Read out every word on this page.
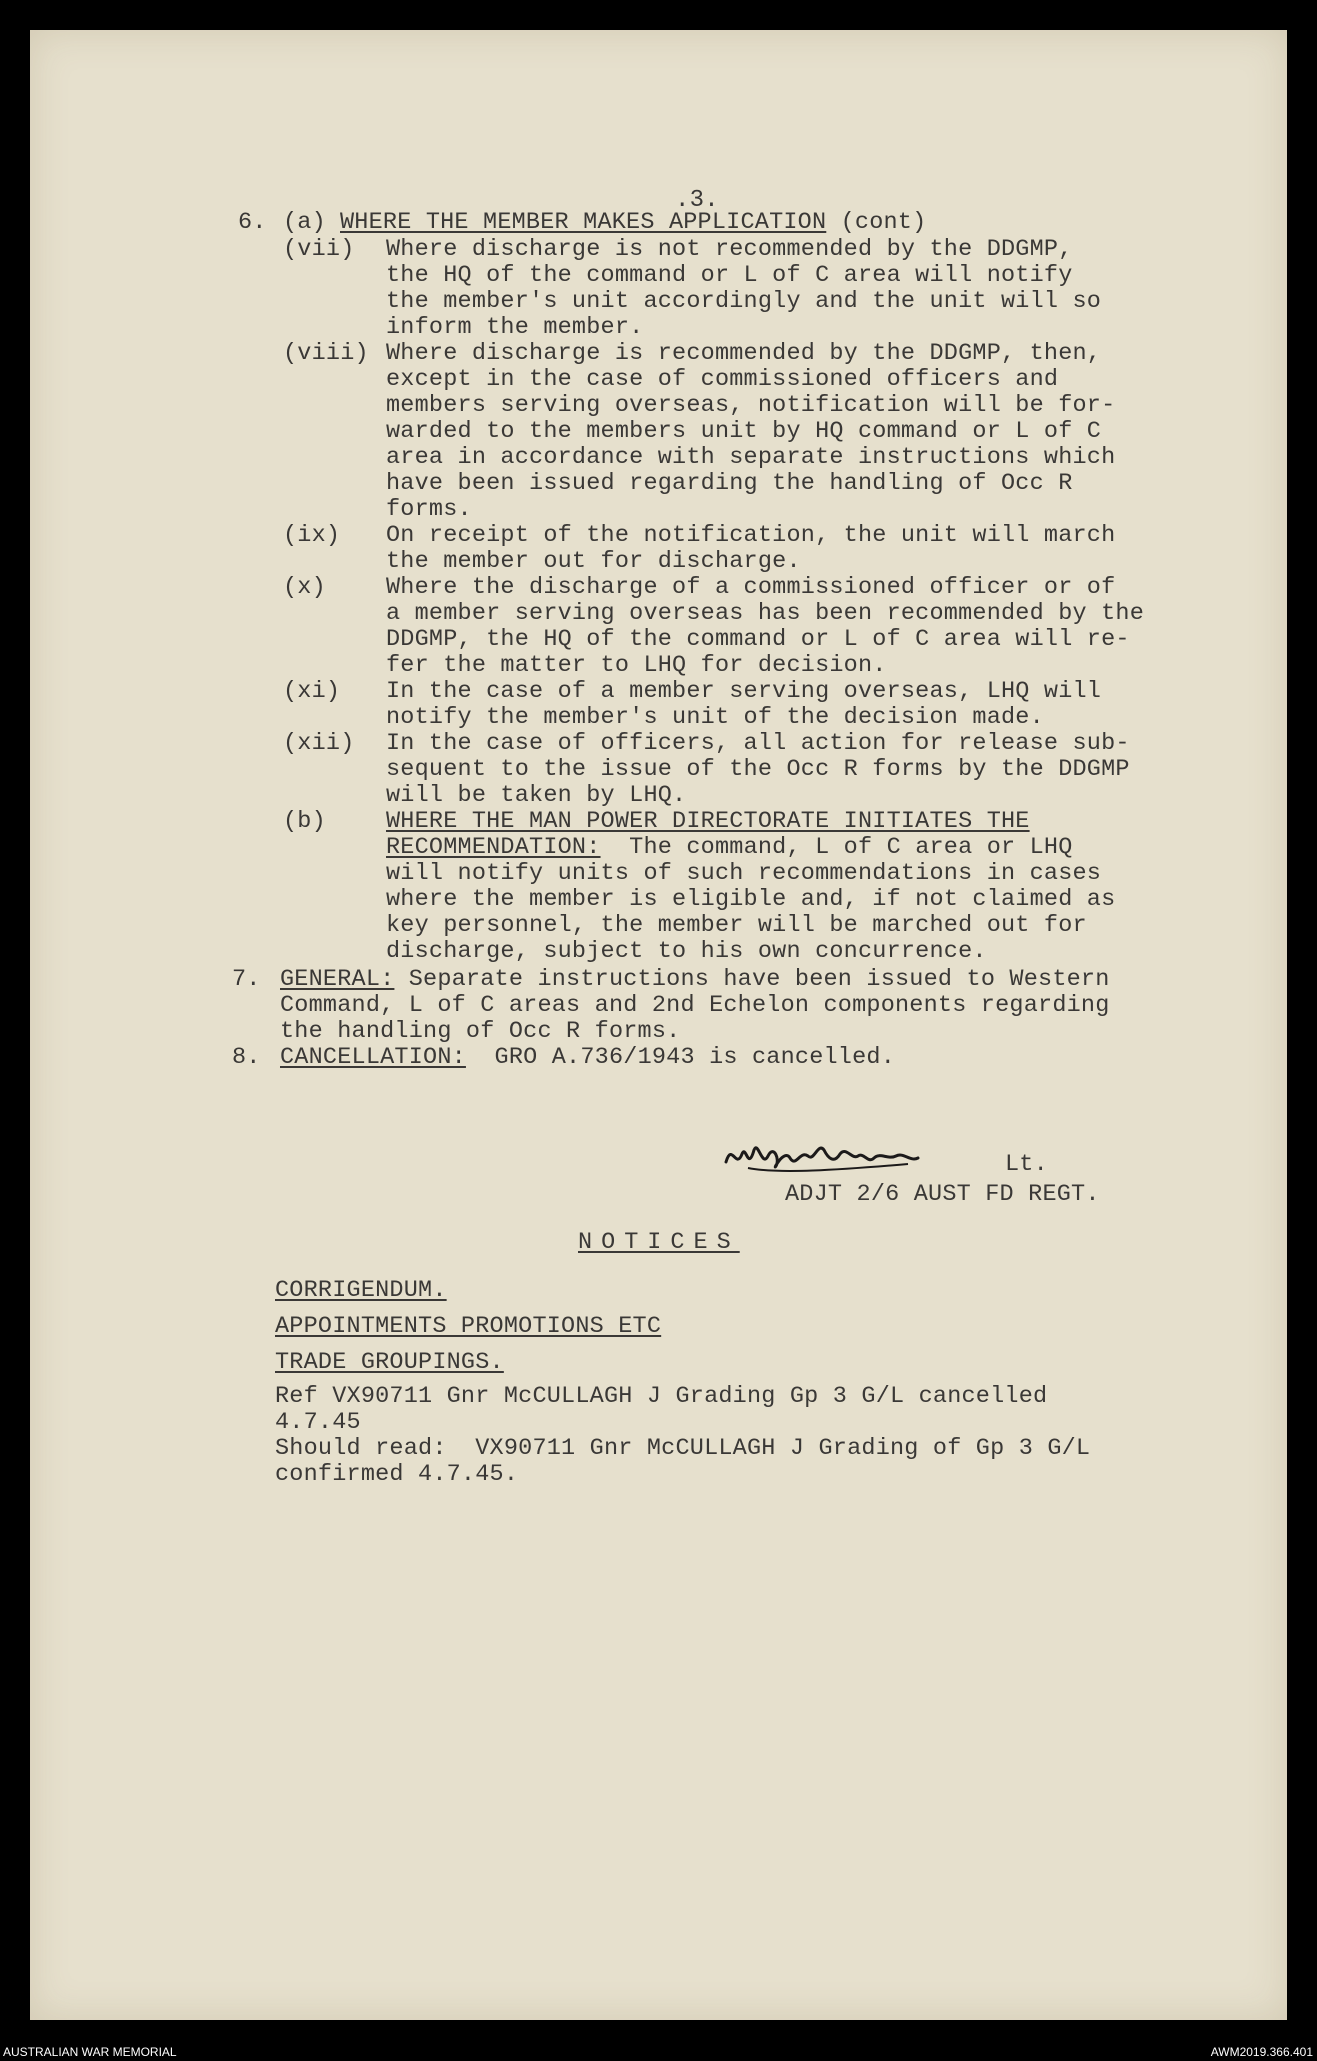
.3.
6. (a) WHERE THE MEMBER MAKES APPLICATION (cont)
(vii) Where discharge is not recommended by the DDGMP,
the HQ of the command or L of C area will notify
the member's unit accordingly and the unit will so
inform the member.
(viii) Where discharge is recommended by the DDGMP, then,
except in the case of commissioned officers and
members serving overseas, notification will be for-
warded to the members unit by HQ command or L of C
area in accordance with separate instructions which
have been issued regarding the handling of Occ R
forms.
(ix) On receipt of the notification, the unit will march
the member out for discharge.
(x)	Where the discharge of a commissioned officer or of
a member serving overseas has been recommended by the
DDGMP, the HQ of the command or L of C area will re-
fer the matter to LHQ for decision.
(xi) In the case of a member serving overseas, LHQ will
notify the member's unit of the decision made.
(xii) In the case of officers, all action for release sub-
sequent to the issue of the Occ R forms by the DDGMP
will be taken by LHQ.
(b)	WHERE THE MAN POWER DIRECTORATE INITIATES THE
RECOMMENDATION:  The command, L of C area or LHQ
will notify units of such recommendations in cases
where the member is eligible and, if not claimed as
key personnel, the member will be marched out for
discharge, subject to his own concurrence.
7. GENERAL: Separate instructions have been issued to Western
Command, L of C areas and 2nd Echelon components regarding
the handling of Occ R forms.
8. CANCELLATION:  GRO A.736/1943 is cancelled.
Lt.
ADJT 2/6 AUST FD REGT.
NOTICES
CORRIGENDUM.
APPOINTMENTS PROMOTIONS ETC
TRADE GROUPINGS.
Ref VX90711 Gnr McCULLAGH J Grading Gp 3 G/L cancelled
4.7.45
Should read:  VX90711 Gnr McCULLAGH J Grading of Gp 3 G/L
confirmed 4.7.45.
AUSTRALIAN WAR MEMORIAL	AWM2019.366.401
